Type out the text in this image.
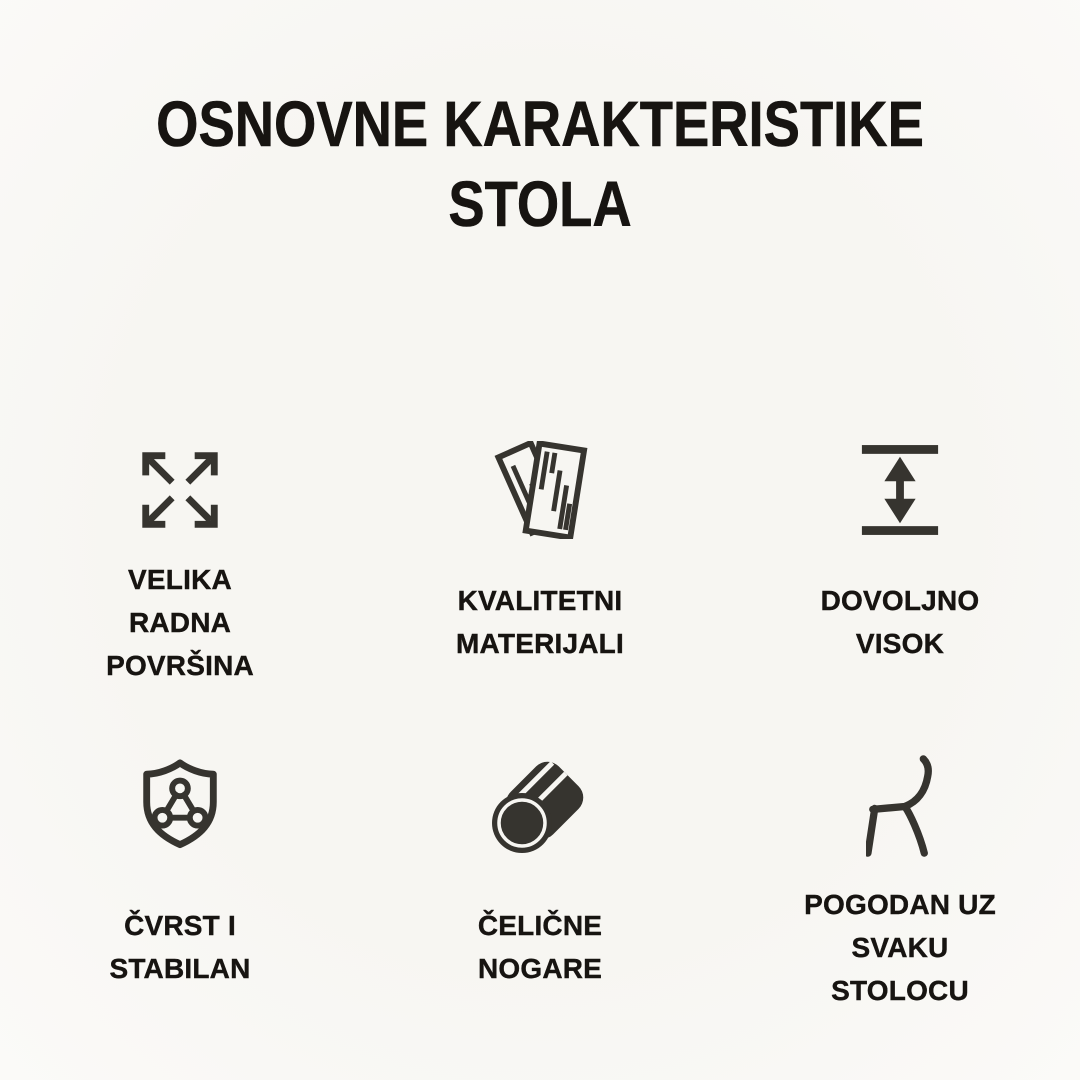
OSNOVNE KARAKTERISTIKE
STOLA
VELIKA
RADNA
POVRŠINA
KVALITETNI
MATERIJALI
DOVOLJNO
VISOK
ČVRST I
STABILAN
ČELIČNE
NOGARE
POGODAN UZ
SVAKU
STOLOCU
